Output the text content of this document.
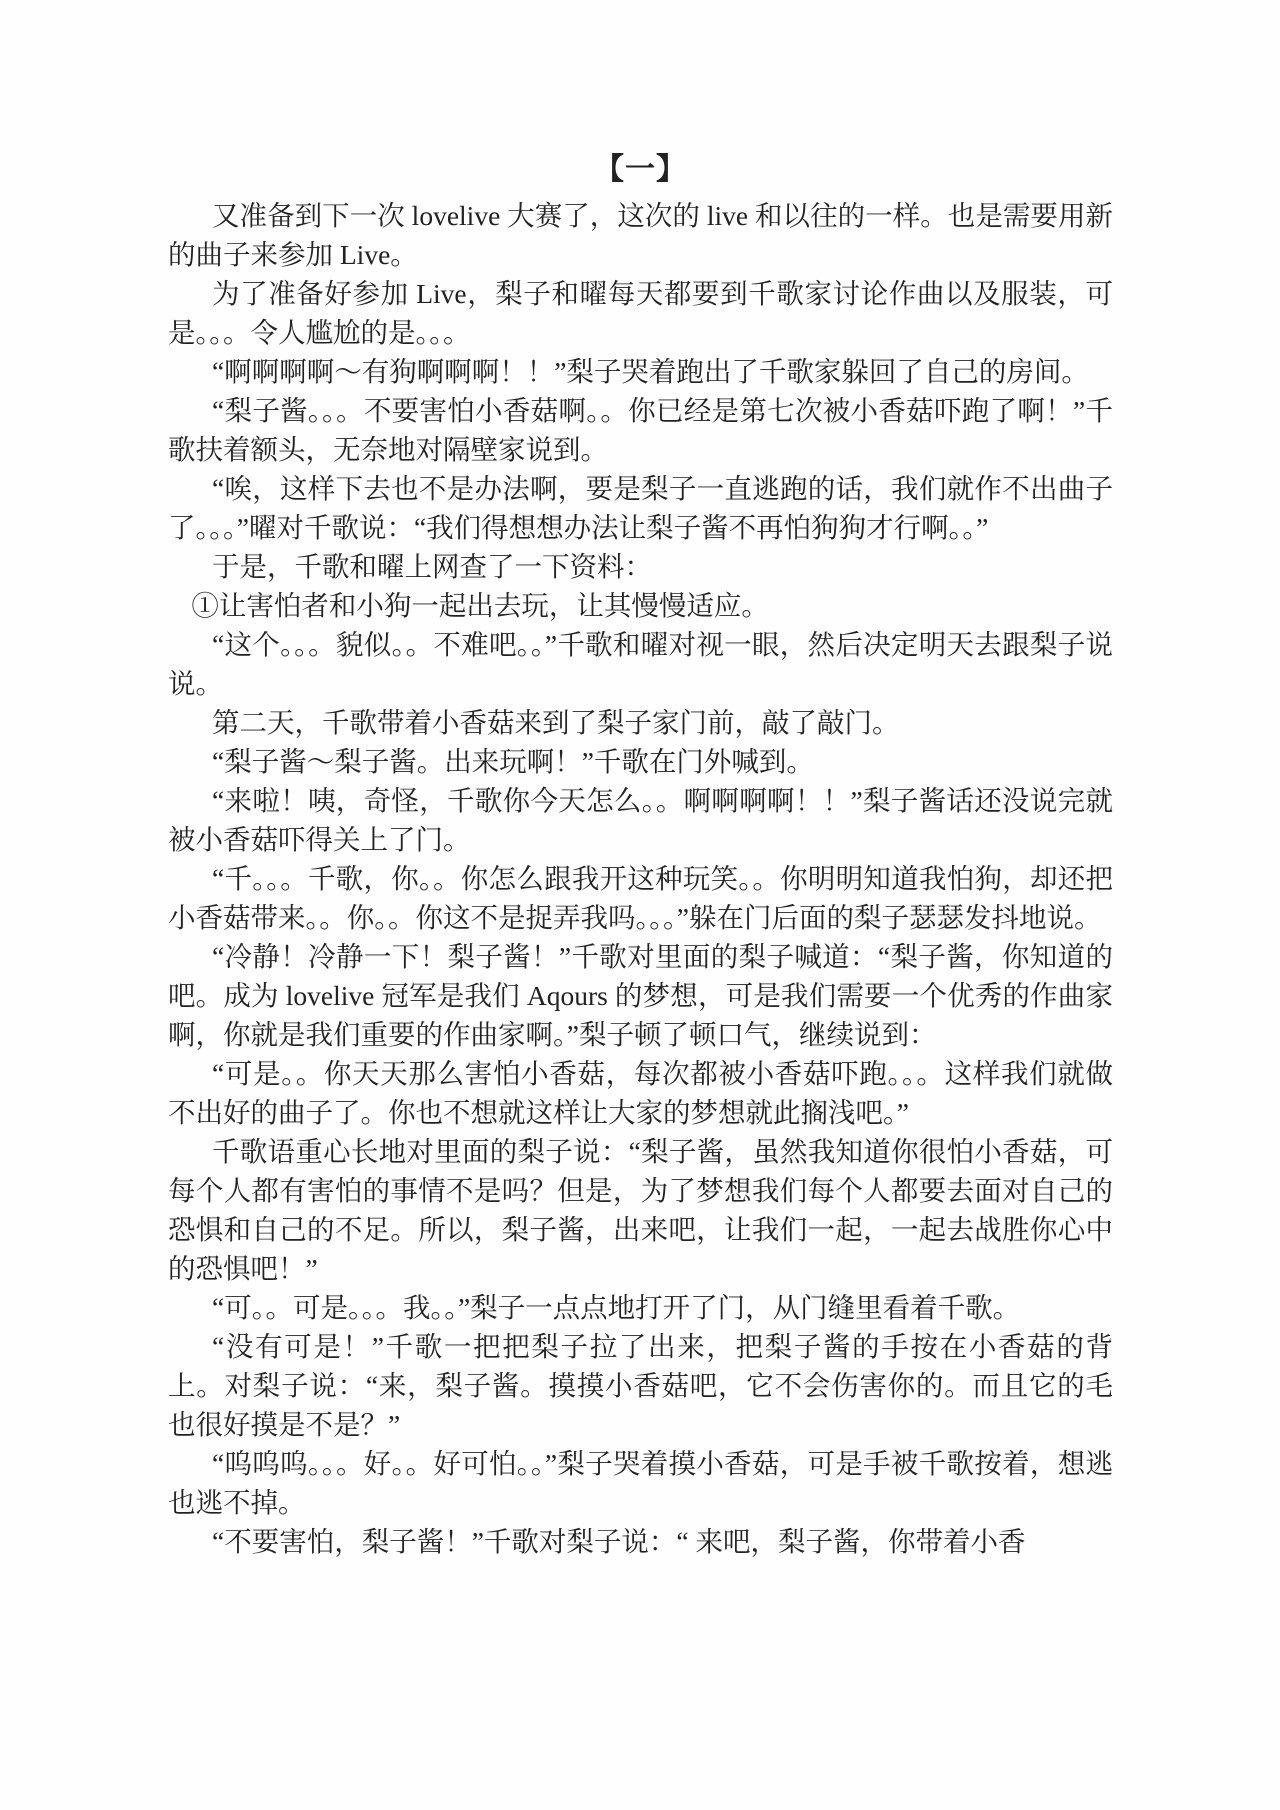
【一】

又准备到下一次 lovelive 大赛了，这次的 live 和以往的一样。也是需要用新的曲子来参加 Live。

为了准备好参加 Live，梨子和曜每天都要到千歌家讨论作曲以及服装，可是。。。令人尴尬的是。。。

“啊啊啊啊～有狗啊啊啊！！”梨子哭着跑出了千歌家躲回了自己的房间。

“梨子酱。。。不要害怕小香菇啊。。你已经是第七次被小香菇吓跑了啊！”千歌扶着额头，无奈地对隔壁家说到。

“唉，这样下去也不是办法啊，要是梨子一直逃跑的话，我们就作不出曲子了。。。”曜对千歌说：“我们得想想办法让梨子酱不再怕狗狗才行啊。。”

于是，千歌和曜上网查了一下资料：

①让害怕者和小狗一起出去玩，让其慢慢适应。

“这个。。。貌似。。不难吧。。”千歌和曜对视一眼，然后决定明天去跟梨子说说。

第二天，千歌带着小香菇来到了梨子家门前，敲了敲门。

“梨子酱～梨子酱。出来玩啊！”千歌在门外喊到。

“来啦！咦，奇怪，千歌你今天怎么。。啊啊啊啊！！”梨子酱话还没说完就被小香菇吓得关上了门。

“千。。。千歌，你。。你怎么跟我开这种玩笑。。你明明知道我怕狗，却还把小香菇带来。。你。。你这不是捉弄我吗。。。”躲在门后面的梨子瑟瑟发抖地说。

“冷静！冷静一下！梨子酱！”千歌对里面的梨子喊道：“梨子酱，你知道的吧。成为 lovelive 冠军是我们 Aqours 的梦想，可是我们需要一个优秀的作曲家啊，你就是我们重要的作曲家啊。”梨子顿了顿口气，继续说到：

“可是。。你天天那么害怕小香菇，每次都被小香菇吓跑。。。这样我们就做不出好的曲子了。你也不想就这样让大家的梦想就此搁浅吧。”

千歌语重心长地对里面的梨子说：“梨子酱，虽然我知道你很怕小香菇，可每个人都有害怕的事情不是吗？但是，为了梦想我们每个人都要去面对自己的恐惧和自己的不足。所以，梨子酱，出来吧，让我们一起，一起去战胜你心中的恐惧吧！”

“可。。可是。。。我。。”梨子一点点地打开了门，从门缝里看着千歌。

“没有可是！”千歌一把把梨子拉了出来，把梨子酱的手按在小香菇的背上。对梨子说：“来，梨子酱。摸摸小香菇吧，它不会伤害你的。而且它的毛也很好摸是不是？”

“呜呜呜。。。好。。好可怕。。”梨子哭着摸小香菇，可是手被千歌按着，想逃也逃不掉。

“不要害怕，梨子酱！”千歌对梨子说：“ 来吧，梨子酱，你带着小香
